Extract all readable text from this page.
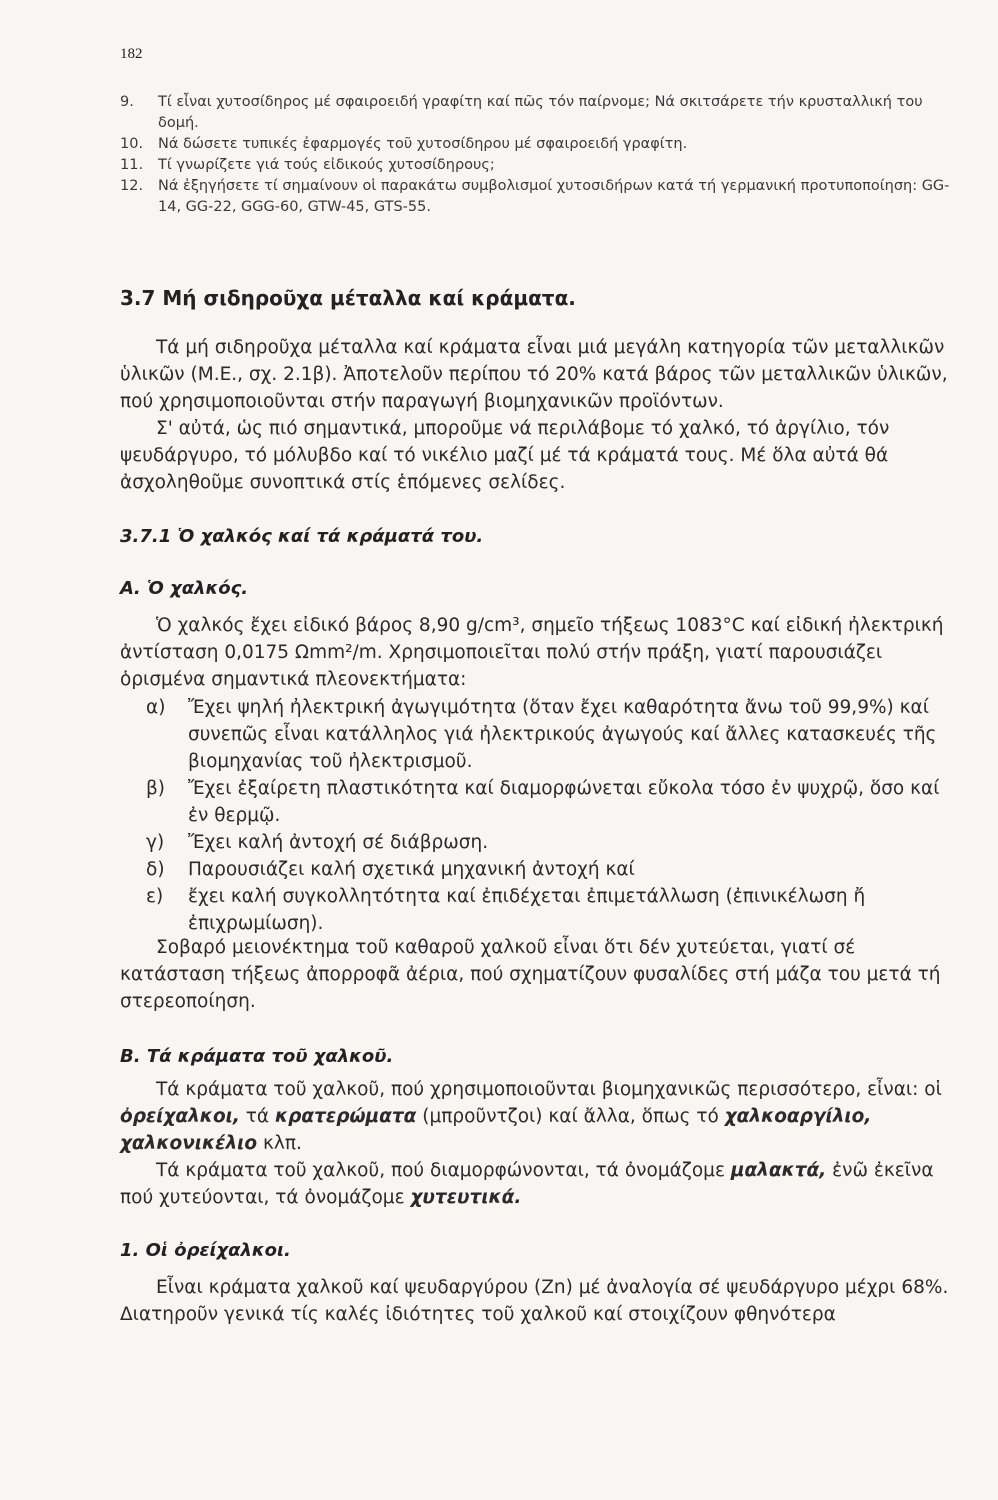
182
9.	Τί εἶναι χυτοσίδηρος μέ σφαιροειδή γραφίτη καί πῶς τόν παίρνομε; Νά σκιτσάρετε τήν κρυσταλλική του δομή.
10.	Νά δώσετε τυπικές ἐφαρμογές τοῦ χυτοσίδηρου μέ σφαιροειδή γραφίτη.
11.	Τί γνωρίζετε γιά τούς εἰδικούς χυτοσίδηρους;
12.	Νά ἐξηγήσετε τί σημαίνουν οἱ παρακάτω συμβολισμοί χυτοσιδήρων κατά τή γερμανική προτυποποίηση: GG-14, GG-22, GGG-60, GTW-45, GTS-55.
3.7 Μή σιδηροῦχα μέταλλα καί κράματα.

Τά μή σιδηροῦχα μέταλλα καί κράματα εἶναι μιά μεγάλη κατηγορία τῶν μεταλλικῶν ὑλικῶν (Μ.Ε., σχ. 2.1β). Ἀποτελοῦν περίπου τό 20% κατά βάρος τῶν μεταλλικῶν ὑλικῶν, πού χρησιμοποιοῦνται στήν παραγωγή βιομηχανικῶν προϊόντων.

Σ' αὐτά, ὡς πιό σημαντικά, μποροῦμε νά περιλάβομε τό χαλκό, τό ἀργίλιο, τόν ψευδάργυρο, τό μόλυβδο καί τό νικέλιο μαζί μέ τά κράματά τους. Μέ ὅλα αὐτά θά ἀσχοληθοῦμε συνοπτικά στίς ἑπόμενες σελίδες.

3.7.1 Ὁ χαλκός καί τά κράματά του.
Α. Ὁ χαλκός.

Ὁ χαλκός ἔχει εἰδικό βάρος 8,90 g/cm³, σημεῖο τήξεως 1083°C καί εἰδική ἠλεκτρική ἀντίσταση 0,0175 Ωmm²/m. Χρησιμοποιεῖται πολύ στήν πράξη, γιατί παρουσιάζει ὁρισμένα σημαντικά πλεονεκτήματα:

α)	Ἔχει ψηλή ἠλεκτρική ἀγωγιμότητα (ὅταν ἔχει καθαρότητα ἄνω τοῦ 99,9%) καί συνεπῶς εἶναι κατάλληλος γιά ἠλεκτρικούς ἀγωγούς καί ἄλλες κατασκευές τῆς βιομηχανίας τοῦ ἠλεκτρισμοῦ.
β)	Ἔχει ἐξαίρετη πλαστικότητα καί διαμορφώνεται εὔκολα τόσο ἐν ψυχρῷ, ὅσο καί ἐν θερμῷ.
γ)	Ἔχει καλή ἀντοχή σέ διάβρωση.
δ)	Παρουσιάζει καλή σχετικά μηχανική ἀντοχή καί
ε)	ἔχει καλή συγκολλητότητα καί ἐπιδέχεται ἐπιμετάλλωση (ἐπινικέλωση ἤ ἐπιχρωμίωση).

Σοβαρό μειονέκτημα τοῦ καθαροῦ χαλκοῦ εἶναι ὅτι δέν χυτεύεται, γιατί σέ κατάσταση τήξεως ἀπορροφᾶ ἀέρια, πού σχηματίζουν φυσαλίδες στή μάζα του μετά τή στερεοποίηση.

Β. Τά κράματα τοῦ χαλκοῦ.

Τά κράματα τοῦ χαλκοῦ, πού χρησιμοποιοῦνται βιομηχανικῶς περισσότερο, εἶναι: οἱ ὀρείχαλκοι, τά κρατερώματα (μπροῦντζοι) καί ἄλλα, ὅπως τό χαλκοαργίλιο, χαλκονικέλιο κλπ.

Τά κράματα τοῦ χαλκοῦ, πού διαμορφώνονται, τά ὀνομάζομε μαλακτά, ἐνῶ ἐκεῖνα πού χυτεύονται, τά ὀνομάζομε χυτευτικά.

1. Οἱ ὀρείχαλκοι.

Εἶναι κράματα χαλκοῦ καί ψευδαργύρου (Zn) μέ ἀναλογία σέ ψευδάργυρο μέχρι 68%. Διατηροῦν γενικά τίς καλές ἰδιότητες τοῦ χαλκοῦ καί στοιχίζουν φθηνότερα
